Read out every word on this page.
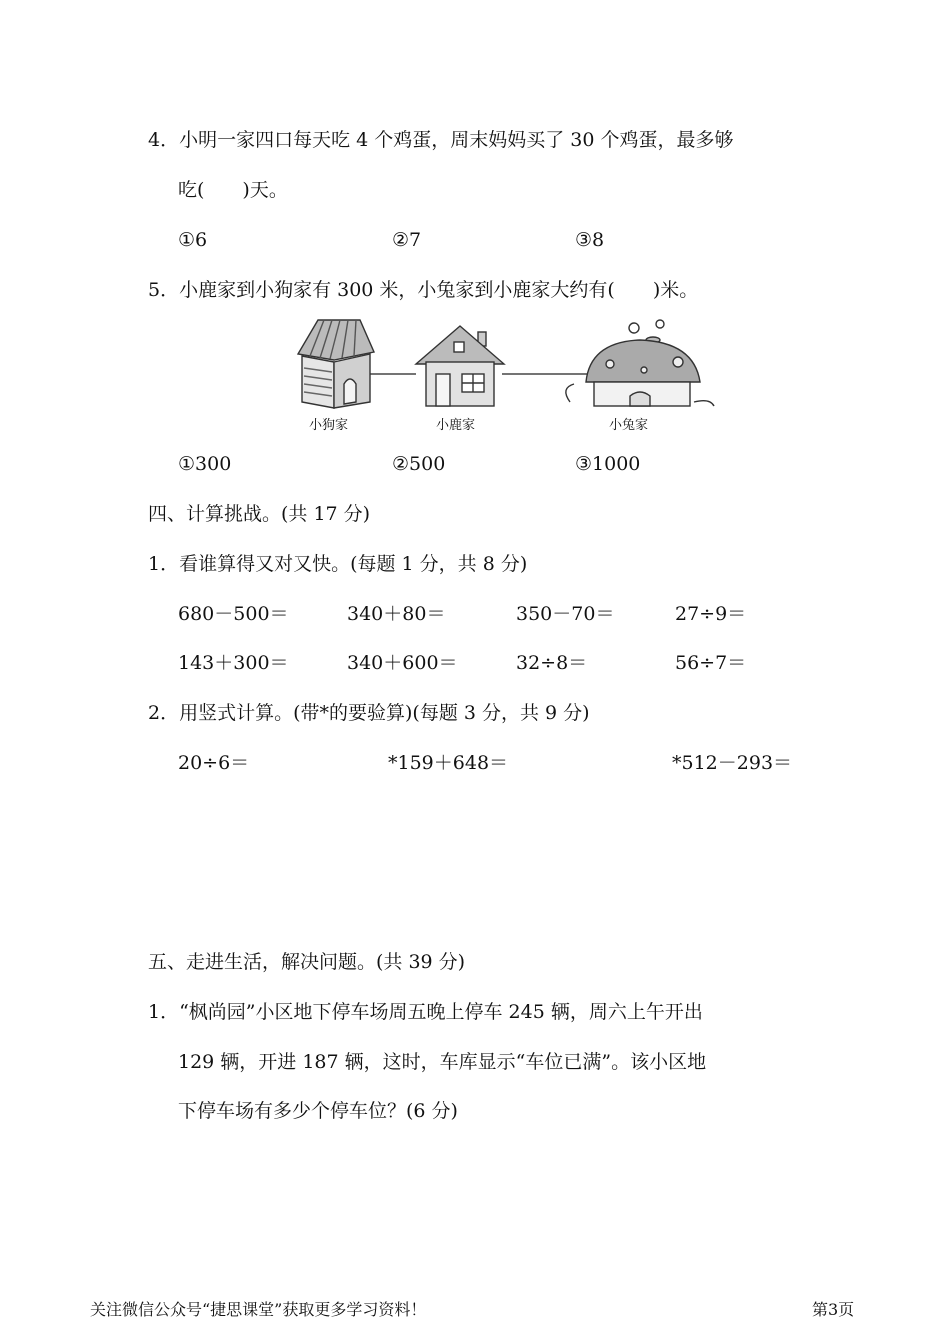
4．小明一家四口每天吃 4 个鸡蛋，周末妈妈买了 30 个鸡蛋，最多够
吃(　　)天。
①6	②7	③8
5．小鹿家到小狗家有 300 米，小兔家到小鹿家大约有(　　)米。
小狗家	小鹿家	小兔家
①300	②500	③1000
四、计算挑战。(共 17 分)
1．看谁算得又对又快。(每题 1 分，共 8 分)
680－500＝	340＋80＝	350－70＝	27÷9＝
143＋300＝	340＋600＝	32÷8＝	56÷7＝
2．用竖式计算。(带*的要验算)(每题 3 分，共 9 分)
20÷6＝	*159＋648＝	*512－293＝
五、走进生活，解决问题。(共 39 分)
1．“枫尚园”小区地下停车场周五晚上停车 245 辆，周六上午开出
129 辆，开进 187 辆，这时，车库显示“车位已满”。该小区地
下停车场有多少个停车位？(6 分)
关注微信公众号“捷思课堂”获取更多学习资料！	第3页
